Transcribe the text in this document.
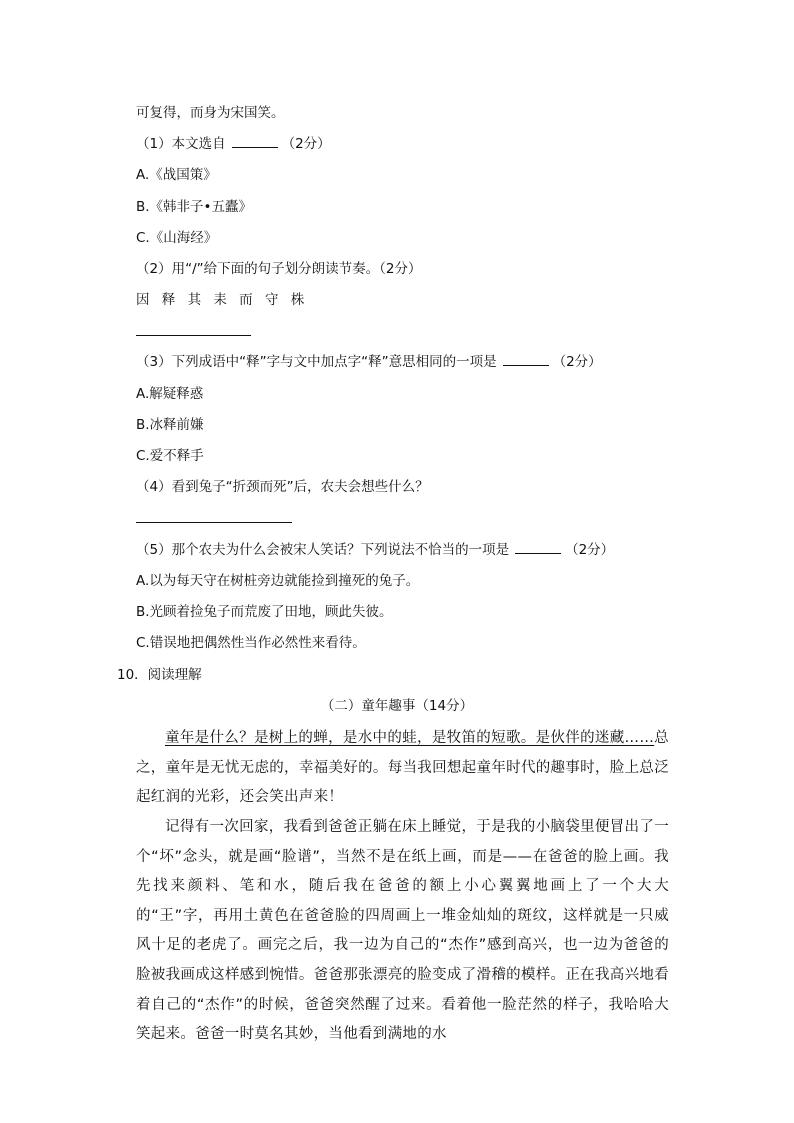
可复得，而身为宋国笑。
（1）本文选自	（2分）
A.《战国策》
B.《韩非子•五蠹》
C.《山海经》
（2）用“/”给下面的句子划分朗读节奏。（2分）
因 释 其 耒 而 守 株
（3）下列成语中“释”字与文中加点字“释”意思相同的一项是	（2分）
A.解疑释惑
B.冰释前嫌
C.爱不释手
（4）看到兔子“折颈而死”后，农夫会想些什么？
（5）那个农夫为什么会被宋人笑话？下列说法不恰当的一项是	（2分）
A.以为每天守在树桩旁边就能捡到撞死的兔子。
B.光顾着捡兔子而荒废了田地，顾此失彼。
C.错误地把偶然性当作必然性来看待。
10．阅读理解
（二）童年趣事（14分）
童年是什么？是树上的蝉，是水中的蛙，是牧笛的短歌。是伙伴的迷藏……总之，童年是无忧无虑的，幸福美好的。每当我回想起童年时代的趣事时，脸上总泛起红润的光彩，还会笑出声来！
记得有一次回家，我看到爸爸正躺在床上睡觉，于是我的小脑袋里便冒出了一个“坏”念头，就是画“脸谱”，当然不是在纸上画，而是——在爸爸的脸上画。我先找来颜料、笔和水，随后我在爸爸的额上小心翼翼地画上了一个大大的“王”字，再用土黄色在爸爸脸的四周画上一堆金灿灿的斑纹，这样就是一只威风十足的老虎了。画完之后，我一边为自己的“杰作”感到高兴，也一边为爸爸的脸被我画成这样感到惋惜。爸爸那张漂亮的脸变成了滑稽的模样。正在我高兴地看着自己的“杰作”的时候，爸爸突然醒了过来。看着他一脸茫然的样子，我哈哈大笑起来。爸爸一时莫名其妙，当他看到满地的水
